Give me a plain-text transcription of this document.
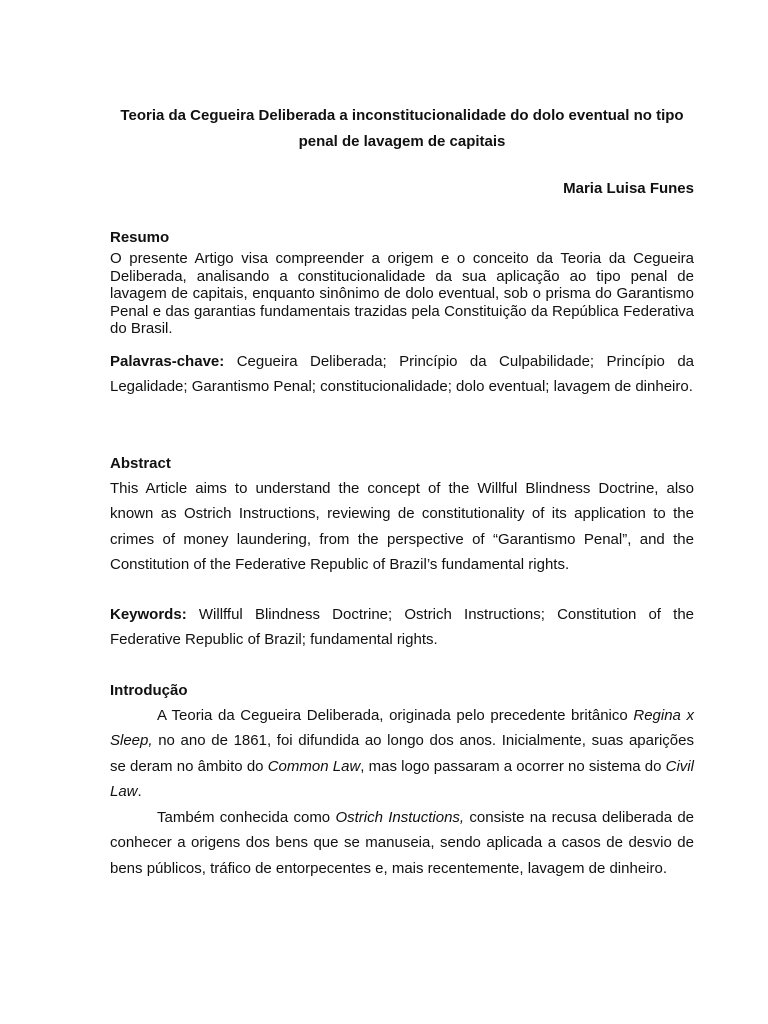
Teoria da Cegueira Deliberada a inconstitucionalidade do dolo eventual no tipo penal de lavagem de capitais
Maria Luisa Funes
Resumo
O presente Artigo visa compreender a origem e o conceito da Teoria da Cegueira Deliberada, analisando a constitucionalidade da sua aplicação ao tipo penal de lavagem de capitais, enquanto sinônimo de dolo eventual, sob o prisma do Garantismo Penal e das garantias fundamentais trazidas pela Constituição da República Federativa do Brasil.
Palavras-chave: Cegueira Deliberada; Princípio da Culpabilidade; Princípio da Legalidade; Garantismo Penal; constitucionalidade; dolo eventual; lavagem de dinheiro.
Abstract
This Article aims to understand the concept of the Willful Blindness Doctrine, also known as Ostrich Instructions, reviewing de constitutionality of its application to the crimes of money laundering, from the perspective of “Garantismo Penal”, and the Constitution of the Federative Republic of Brazil’s fundamental rights.
Keywords: Willfful Blindness Doctrine; Ostrich Instructions; Constitution of the Federative Republic of Brazil; fundamental rights.
Introdução
A Teoria da Cegueira Deliberada, originada pelo precedente britânico Regina x Sleep, no ano de 1861, foi difundida ao longo dos anos. Inicialmente, suas aparições se deram no âmbito do Common Law, mas logo passaram a ocorrer no sistema do Civil Law.
Também conhecida como Ostrich Instuctions, consiste na recusa deliberada de conhecer a origens dos bens que se manuseia, sendo aplicada a casos de desvio de bens públicos, tráfico de entorpecentes e, mais recentemente, lavagem de dinheiro.
